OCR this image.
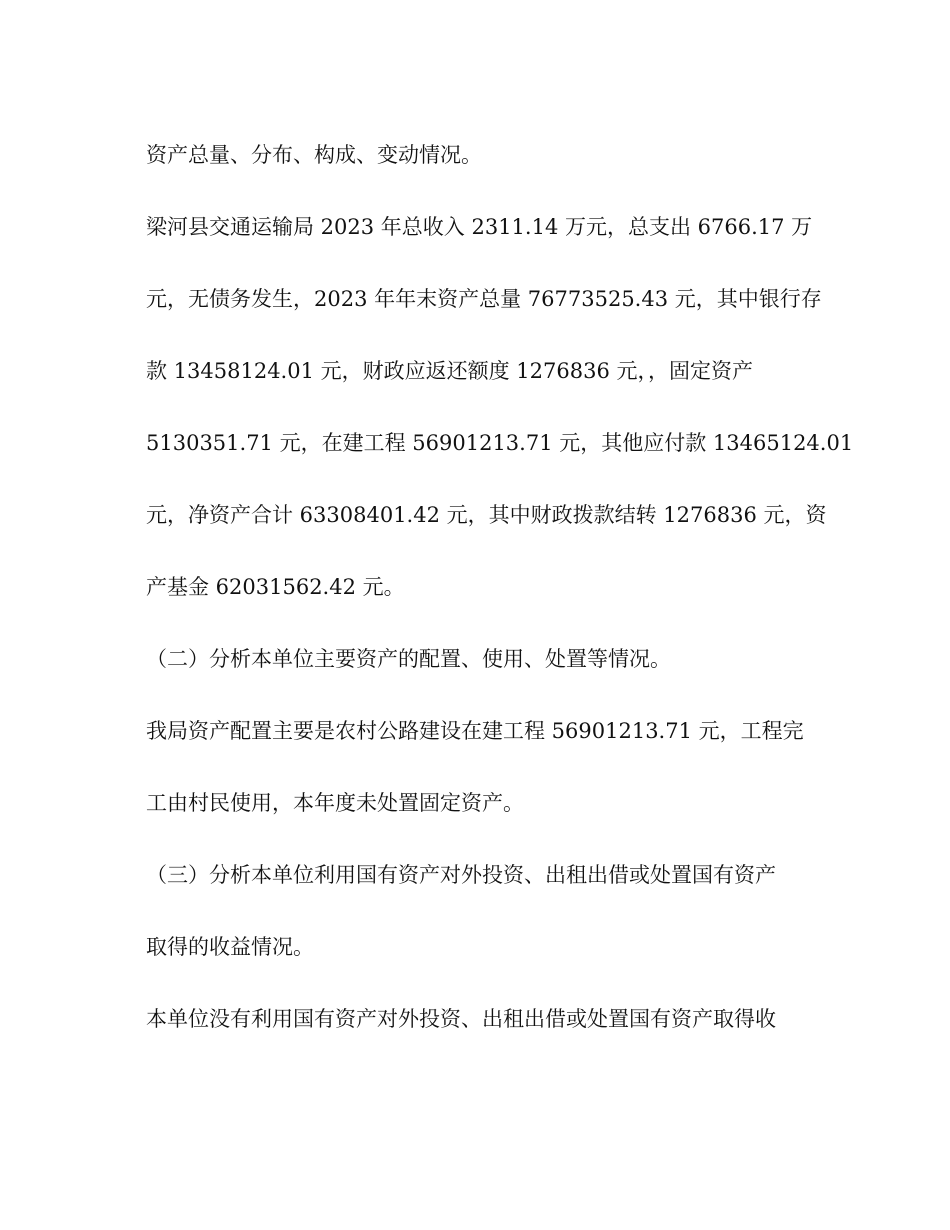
资产总量、分布、构成、变动情况。
梁河县交通运输局 2023 年总收入 2311.14 万元，总支出 6766.17 万
元，无债务发生，2023 年年末资产总量 76773525.43 元，其中银行存
款 13458124.01 元，财政应返还额度 1276836 元，，固定资产
5130351.71 元，在建工程 56901213.71 元，其他应付款 13465124.01
元，净资产合计 63308401.42 元，其中财政拨款结转 1276836 元，资
产基金 62031562.42 元。
（二）分析本单位主要资产的配置、使用、处置等情况。
我局资产配置主要是农村公路建设在建工程 56901213.71 元，工程完
工由村民使用，本年度未处置固定资产。
（三）分析本单位利用国有资产对外投资、出租出借或处置国有资产
取得的收益情况。
本单位没有利用国有资产对外投资、出租出借或处置国有资产取得收
